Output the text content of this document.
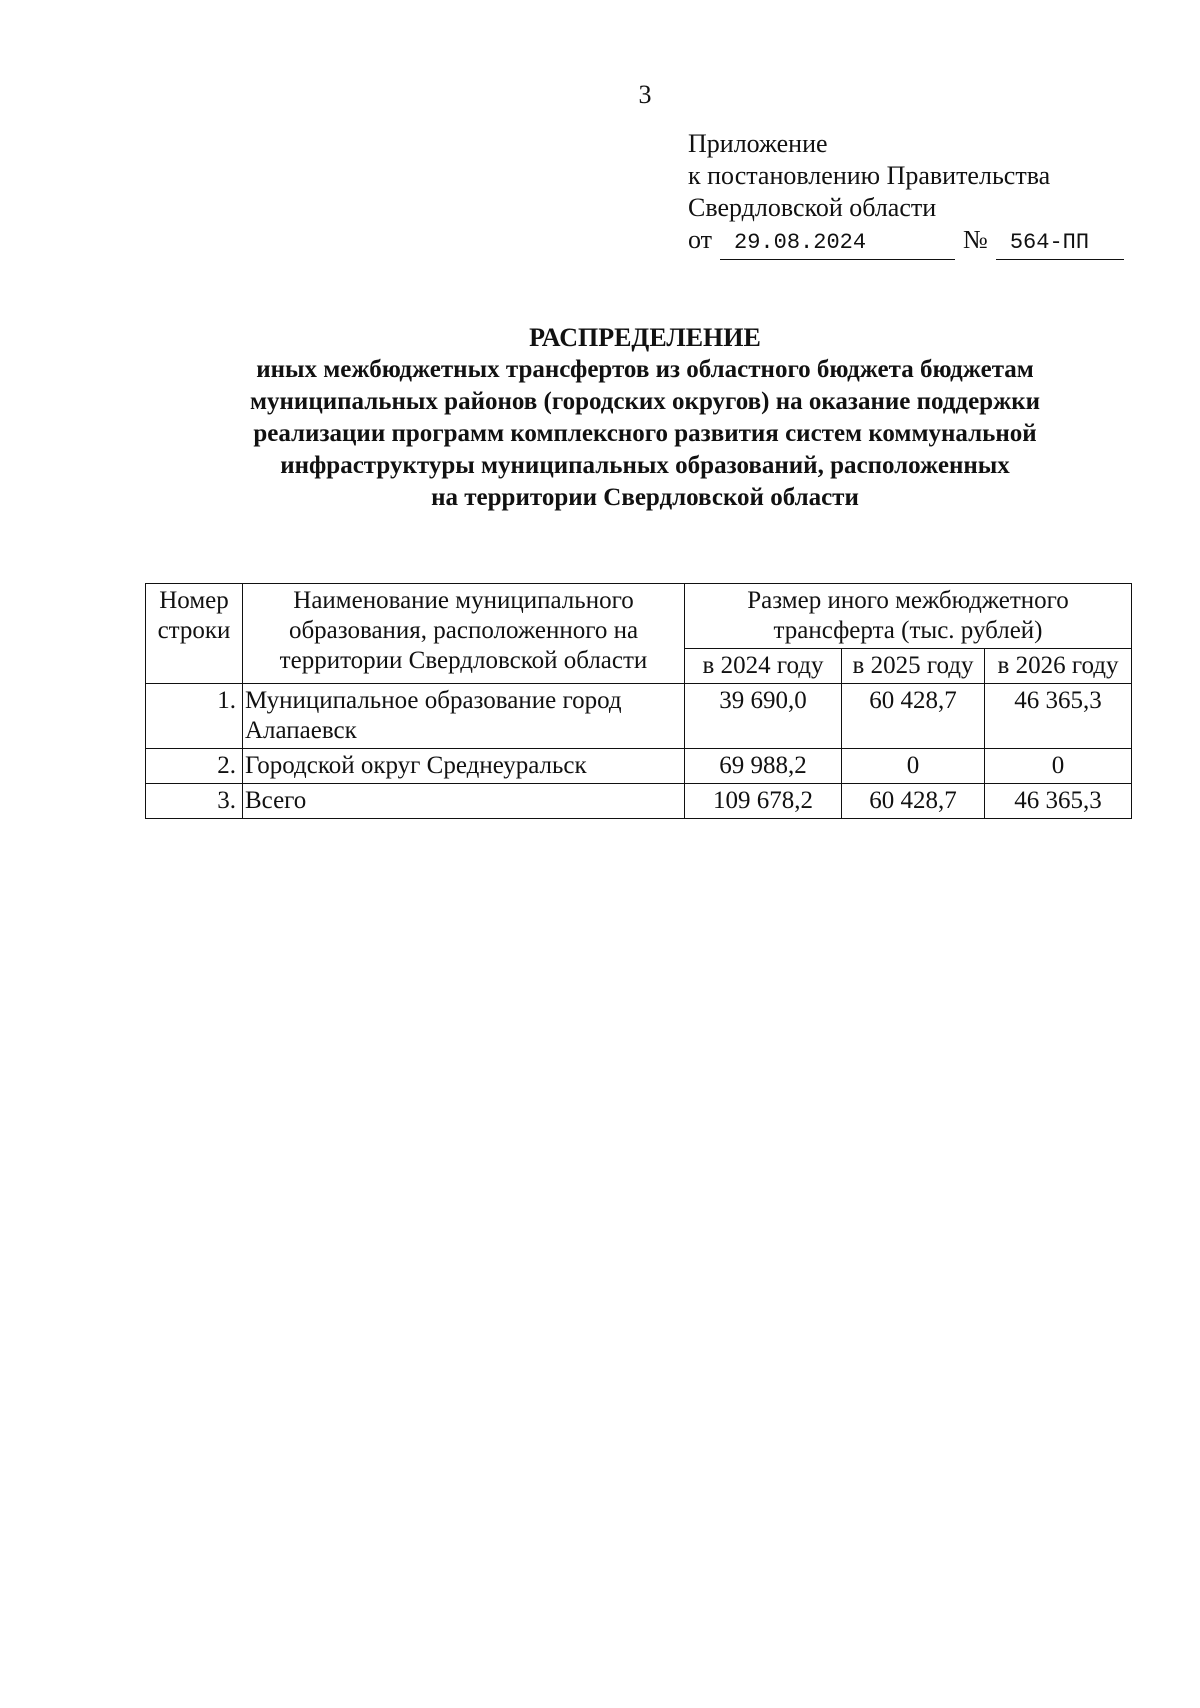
3
Приложение
к постановлению Правительства
Свердловской области
от 29.08.2024	№ 564-ПП
РАСПРЕДЕЛЕНИЕ
иных межбюджетных трансфертов из областного бюджета бюджетам
муниципальных районов (городских округов) на оказание поддержки
реализации программ комплексного развития систем коммунальной
инфраструктуры муниципальных образований, расположенных
на территории Свердловской области
Номер строки	Наименование муниципального образования, расположенного на территории Свердловской области	Размер иного межбюджетного трансферта (тыс. рублей)		
		в 2024 году	в 2025 году	в 2026 году
1.	Муниципальное образование город Алапаевск	39 690,0	60 428,7	46 365,3
2.	Городской округ Среднеуральск	69 988,2	0	0
3.	Всего	109 678,2	60 428,7	46 365,3
